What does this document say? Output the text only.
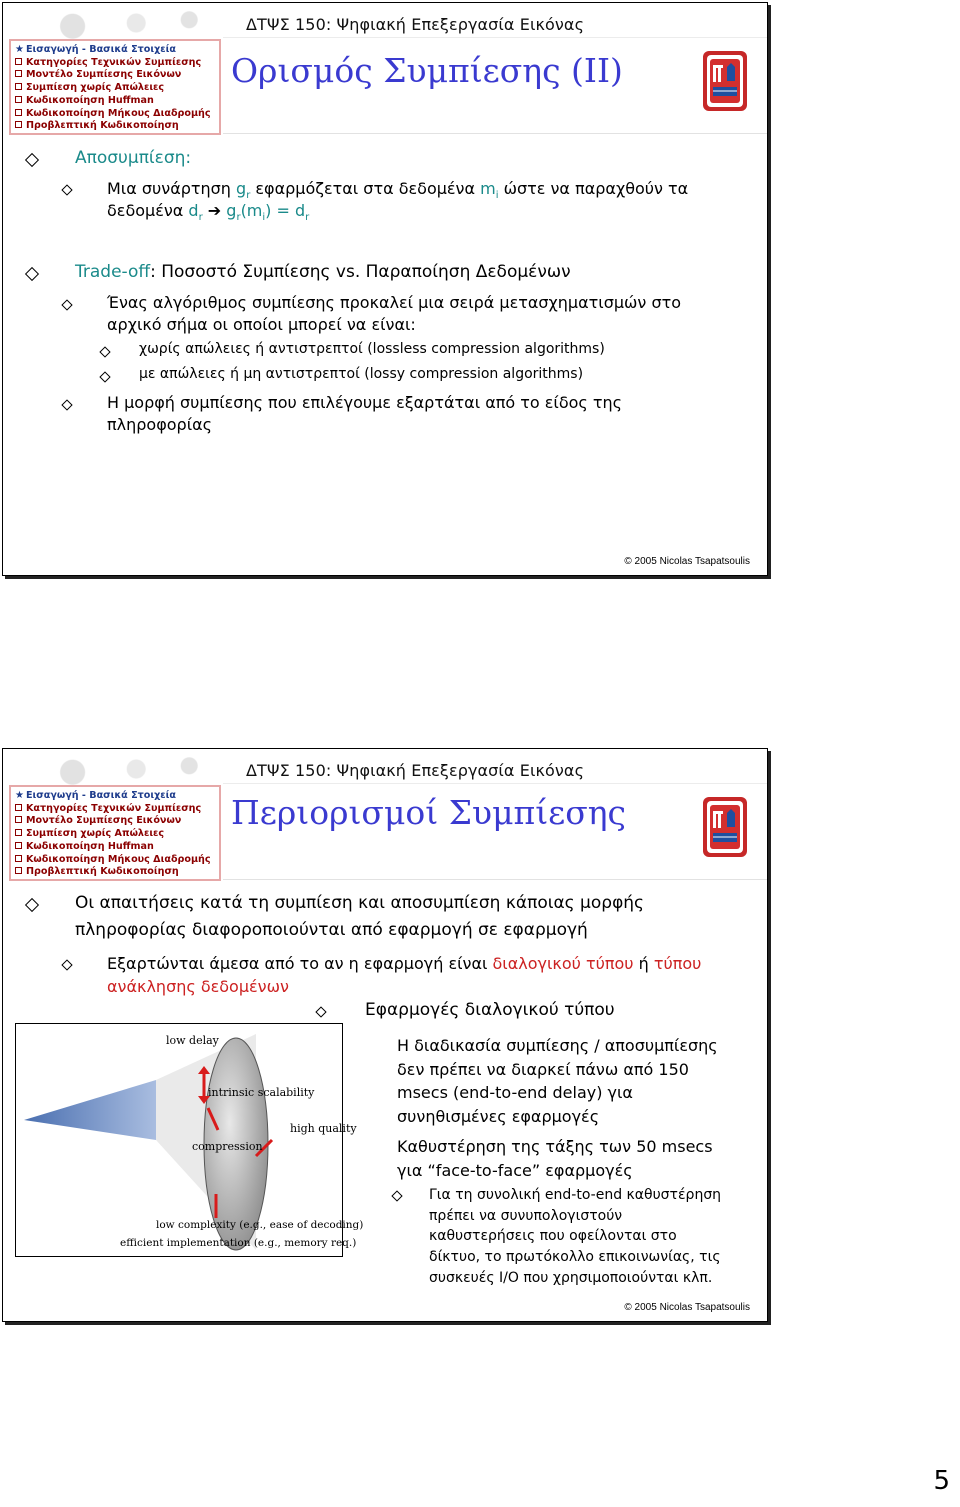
ΔΤΨΣ 150: Ψηφιακή Επεξεργασία Εικόνας
★ Εισαγωγή - Βασικά Στοιχεία
Κατηγορίες Τεχνικών Συμπίεσης
Μοντέλο Συμπίεσης Εικόνων
Συμπίεση χωρίς Απώλειες
Κωδικοποίηση Huffman
Κωδικοποίηση Μήκους Διαδρομής
Προβλεπτική Κωδικοποίηση
Ορισμός Συμπίεσης (ΙΙ)
Αποσυμπίεση:
Μια συνάρτηση $g_r$ εφαρμόζεται στα δεδομένα $m_i$ ώστε να παραχθούν τα
δεδομένα $d_r$ ➔ $g_r(m_i) = d_r$
Trade-off: Ποσοστό Συμπίεσης vs. Παραποίηση Δεδομένων
Ένας αλγόριθμος συμπίεσης προκαλεί μια σειρά μετασχηματισμών στο
αρχικό σήμα οι οποίοι μπορεί να είναι:
χωρίς απώλειες ή αντιστρεπτοί (lossless compression algorithms)
με απώλειες ή μη αντιστρεπτοί (lossy compression algorithms)
Η μορφή συμπίεσης που επιλέγουμε εξαρτάται από το είδος της
πληροφορίας
© 2005 Nicolas Tsapatsoulis
ΔΤΨΣ 150: Ψηφιακή Επεξεργασία Εικόνας
★ Εισαγωγή - Βασικά Στοιχεία
Κατηγορίες Τεχνικών Συμπίεσης
Μοντέλο Συμπίεσης Εικόνων
Συμπίεση χωρίς Απώλειες
Κωδικοποίηση Huffman
Κωδικοποίηση Μήκους Διαδρομής
Προβλεπτική Κωδικοποίηση
Περιορισμοί Συμπίεσης
Οι απαιτήσεις κατά τη συμπίεση και αποσυμπίεση κάποιας μορφής
πληροφορίας διαφοροποιούνται από εφαρμογή σε εφαρμογή
Εξαρτώνται άμεσα από το αν η εφαρμογή είναι διαλογικού τύπου ή τύπου
ανάκλησης δεδομένων
Εφαρμογές διαλογικού τύπου
low delay
intrinsic scalability
high quality
compression
low complexity (e.g., ease of decoding)
efficient implementation (e.g., memory req.)
Η διαδικασία συμπίεσης / αποσυμπίεσης
δεν πρέπει να διαρκεί πάνω από 150
msecs (end-to-end delay) για
συνηθισμένες εφαρμογές
Καθυστέρηση της τάξης των 50 msecs
για “face-to-face” εφαρμογές
Για τη συνολική end-to-end καθυστέρηση
πρέπει να συνυπολογιστούν
καθυστερήσεις που οφείλονται στο
δίκτυο, το πρωτόκολλο επικοινωνίας, τις
συσκευές I/O που χρησιμοποιούνται κλπ.
© 2005 Nicolas Tsapatsoulis
5
